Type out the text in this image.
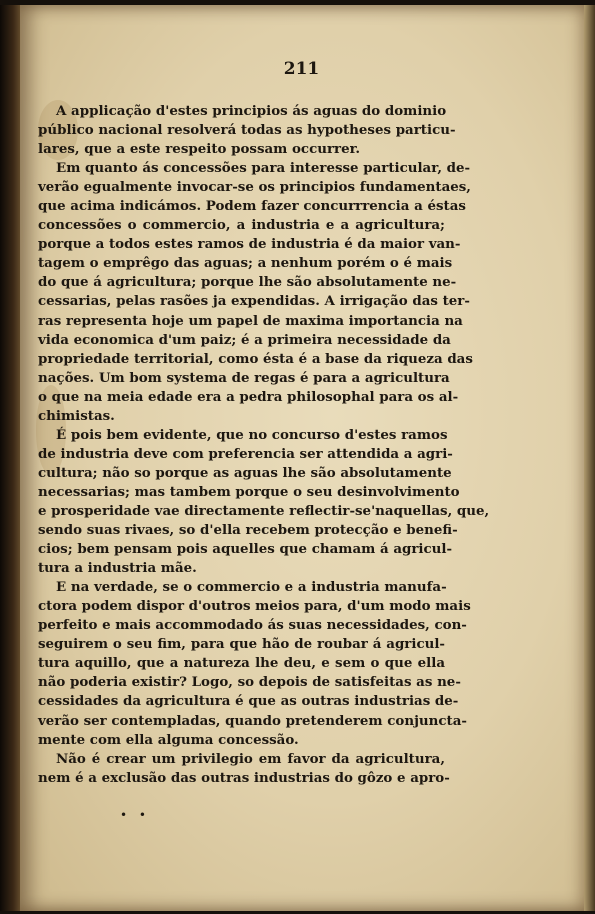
211
A applicação d'estes principios ás aguas do dominio
público nacional resolverá todas as hypotheses particu-
lares, que a este respeito possam occurrer.
Em quanto ás concessões para interesse particular, de-
verão egualmente invocar-se os principios fundamentaes,
que acima indicámos. Podem fazer concurrrencia a éstas
concessões o commercio, a industria e a agricultura;
porque a todos estes ramos de industria é da maior van-
tagem o emprêgo das aguas; a nenhum porém o é mais
do que á agricultura; porque lhe são absolutamente ne-
cessarias, pelas rasões ja expendidas. A irrigação das ter-
ras representa hoje um papel de maxima importancia na
vida economica d'um paiz; é a primeira necessidade da
propriedade territorial, como ésta é a base da riqueza das
nações. Um bom systema de regas é para a agricultura
o que na meia edade era a pedra philosophal para os al-
chimistas.
É pois bem evidente, que no concurso d'estes ramos
de industria deve com preferencia ser attendida a agri-
cultura; não so porque as aguas lhe são absolutamente
necessarias; mas tambem porque o seu desinvolvimento
e prosperidade vae directamente reflectir-se'naquellas, que,
sendo suas rivaes, so d'ella recebem protecção e benefi-
cios; bem pensam pois aquelles que chamam á agricul-
tura a industria mãe.
E na verdade, se o commercio e a industria manufa-
ctora podem dispor d'outros meios para, d'um modo mais
perfeito e mais accommodado ás suas necessidades, con-
seguirem o seu fim, para que hão de roubar á agricul-
tura aquillo, que a natureza lhe deu, e sem o que ella
não poderia existir? Logo, so depois de satisfeitas as ne-
cessidades da agricultura é que as outras industrias de-
verão ser contempladas, quando pretenderem conjuncta-
mente com ella alguma concessão.
Não é crear um privilegio em favor da agricultura,
nem é a exclusão das outras industrias do gôzo e apro-
• •
